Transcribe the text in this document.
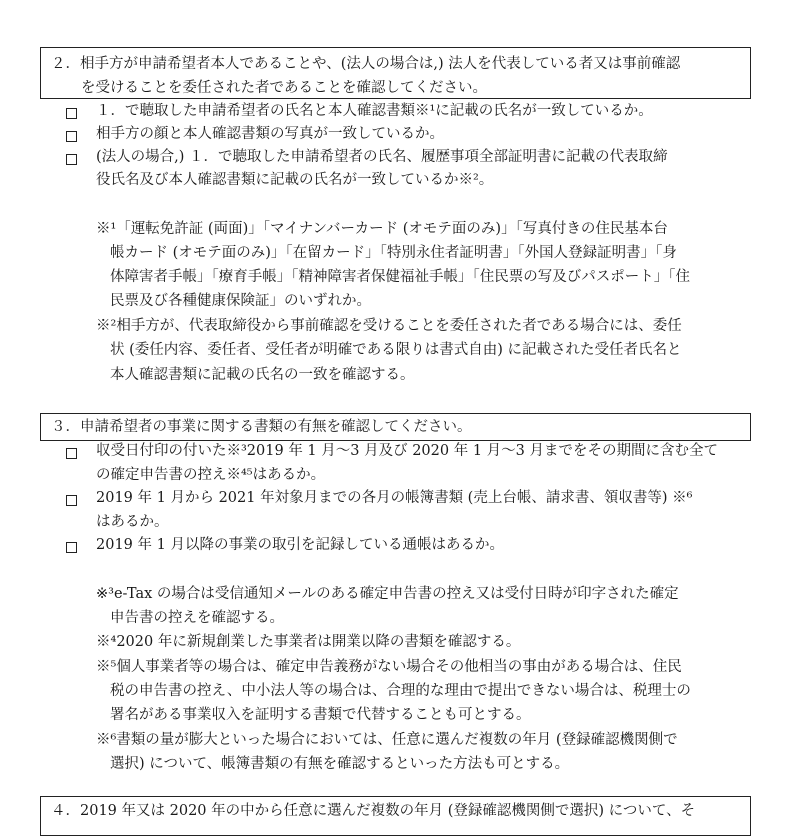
２．相手方が申請希望者本人であることや、(法人の場合は,) 法人を代表している者又は事前確認
を受けることを委任された者であることを確認してください。
１．で聴取した申請希望者の氏名と本人確認書類※¹に記載の氏名が一致しているか。
相手方の顔と本人確認書類の写真が一致しているか。
(法人の場合,) １．で聴取した申請希望者の氏名、履歴事項全部証明書に記載の代表取締
役氏名及び本人確認書類に記載の氏名が一致しているか※²。
※¹「運転免許証 (両面)」「マイナンバーカード (オモテ面のみ)」「写真付きの住民基本台
帳カード (オモテ面のみ)」「在留カード」「特別永住者証明書」「外国人登録証明書」「身
体障害者手帳」「療育手帳」「精神障害者保健福祉手帳」「住民票の写及びパスポート」「住
民票及び各種健康保険証」のいずれか。
※²相手方が、代表取締役から事前確認を受けることを委任された者である場合には、委任
状 (委任内容、委任者、受任者が明確である限りは書式自由) に記載された受任者氏名と
本人確認書類に記載の氏名の一致を確認する。
３．申請希望者の事業に関する書類の有無を確認してください。
収受日付印の付いた※³2019 年 1 月～3 月及び 2020 年 1 月～3 月までをその期間に含む全て
の確定申告書の控え※⁴⁵はあるか。
2019 年 1 月から 2021 年対象月までの各月の帳簿書類 (売上台帳、請求書、領収書等) ※⁶
はあるか。
2019 年 1 月以降の事業の取引を記録している通帳はあるか。
※³e-Tax の場合は受信通知メールのある確定申告書の控え又は受付日時が印字された確定
申告書の控えを確認する。
※⁴2020 年に新規創業した事業者は開業以降の書類を確認する。
※⁵個人事業者等の場合は、確定申告義務がない場合その他相当の事由がある場合は、住民
税の申告書の控え、中小法人等の場合は、合理的な理由で提出できない場合は、税理士の
署名がある事業収入を証明する書類で代替することも可とする。
※⁶書類の量が膨大といった場合においては、任意に選んだ複数の年月 (登録確認機関側で
選択) について、帳簿書類の有無を確認するといった方法も可とする。
４．2019 年又は 2020 年の中から任意に選んだ複数の年月 (登録確認機関側で選択) について、そ
